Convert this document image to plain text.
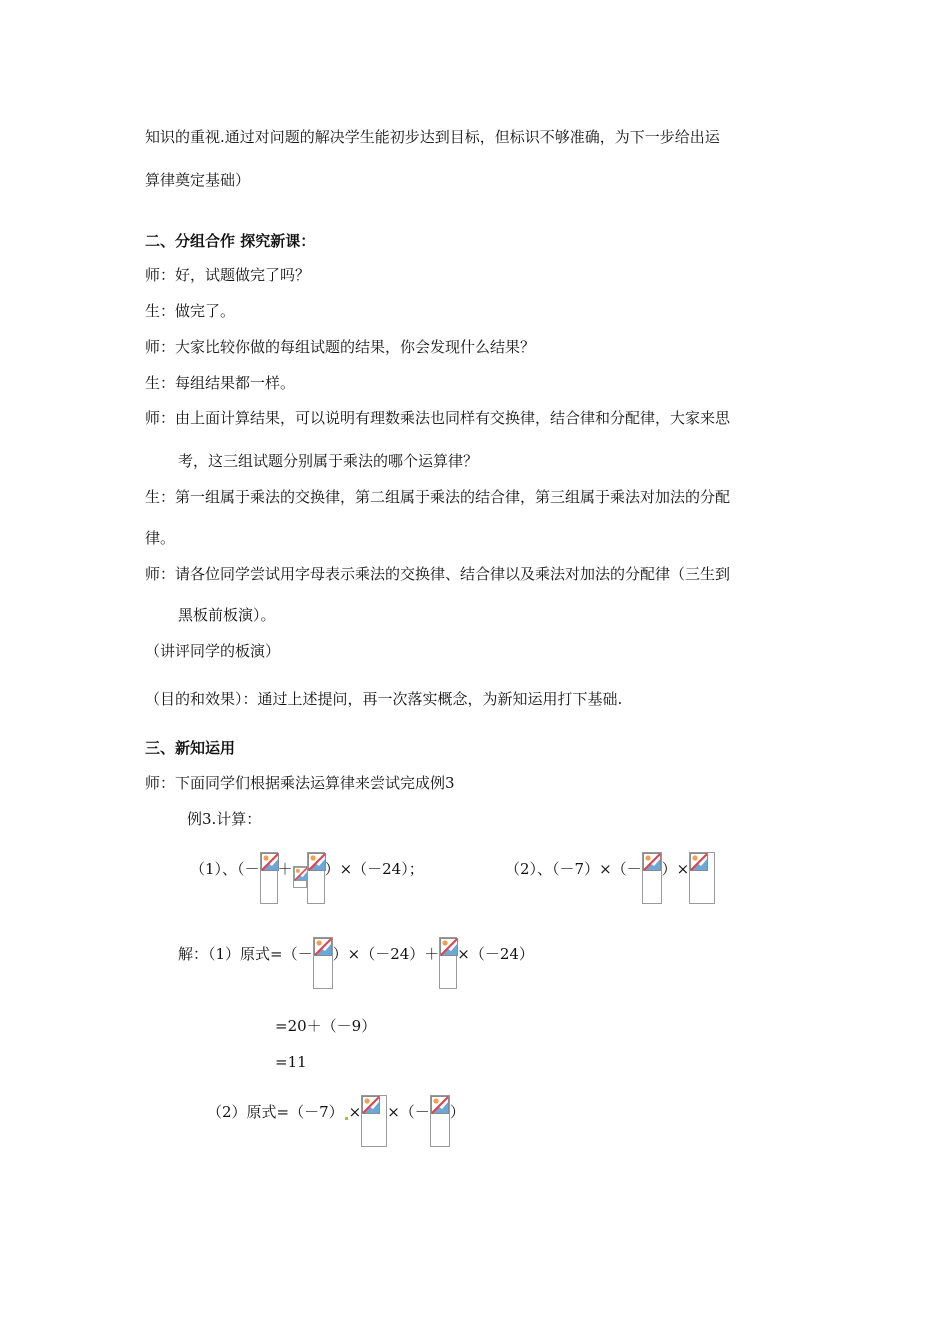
知识的重视.通过对问题的解决学生能初步达到目标，但标识不够准确，为下一步给出运
算律奠定基础）
二、分组合作 探究新课：
师：好，试题做完了吗？
生：做完了。
师：大家比较你做的每组试题的结果，你会发现什么结果？
生：每组结果都一样。
师：由上面计算结果，可以说明有理数乘法也同样有交换律，结合律和分配律，大家来思
考，这三组试题分别属于乘法的哪个运算律？
生：第一组属于乘法的交换律，第二组属于乘法的结合律，第三组属于乘法对加法的分配
律。
师：请各位同学尝试用字母表示乘法的交换律、结合律以及乘法对加法的分配律（三生到
黑板前板演）。
（讲评同学的板演）
（目的和效果）：通过上述提问，再一次落实概念，为新知运用打下基础.
三、新知运用
师：下面同学们根据乘法运算律来尝试完成例3
例3.计算：
（1）、（－ ＋ ）×（－24）；	（2）、（－7）×（－ ）×
解：（1）原式=（－ ）×（－24）＋ ×（－24）
=20＋（－9）
=11
（2）原式=（－7） × ×（－ ）
